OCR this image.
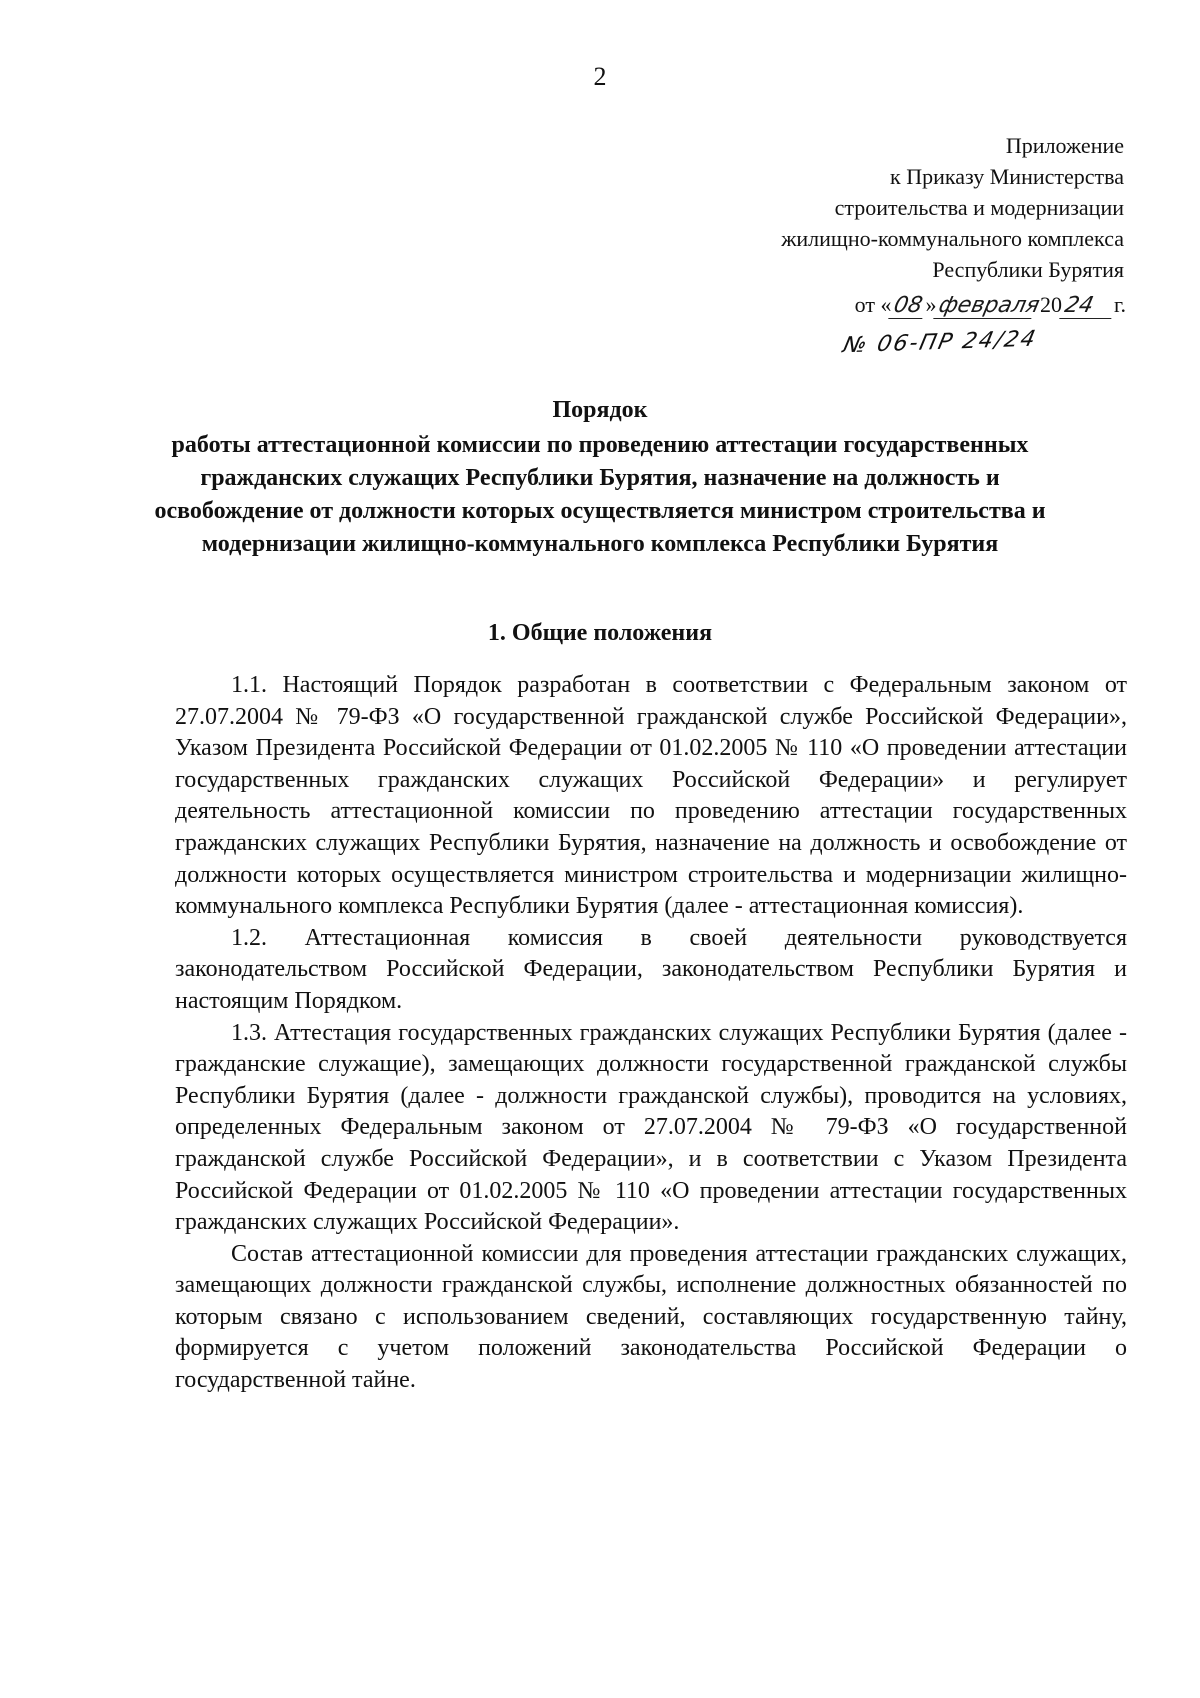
2
Приложение
к Приказу Министерства
строительства и модернизации
жилищно-коммунального комплекса
Республики Бурятия
от «08»февраля 2024 г.
№ 06-ПР 24/24
Порядок
работы аттестационной комиссии по проведению аттестации государственных гражданских служащих Республики Бурятия, назначение на должность и освобождение от должности которых осуществляется министром строительства и модернизации жилищно-коммунального комплекса Республики Бурятия
1. Общие положения

1.1. Настоящий Порядок разработан в соответствии с Федеральным законом от 27.07.2004 № 79-ФЗ «О государственной гражданской службе Российской Федерации», Указом Президента Российской Федерации от 01.02.2005 № 110 «О проведении аттестации государственных гражданских служащих Российской Федерации» и регулирует деятельность аттестационной комиссии по проведению аттестации государственных гражданских служащих Республики Бурятия, назначение на должность и освобождение от должности которых осуществляется министром строительства и модернизации жилищно-коммунального комплекса Республики Бурятия (далее - аттестационная комиссия).

1.2. Аттестационная комиссия в своей деятельности руководствуется законодательством Российской Федерации, законодательством Республики Бурятия и настоящим Порядком.

1.3. Аттестация государственных гражданских служащих Республики Бурятия (далее - гражданские служащие), замещающих должности государственной гражданской службы Республики Бурятия (далее - должности гражданской службы), проводится на условиях, определенных Федеральным законом от 27.07.2004 № 79-ФЗ «О государственной гражданской службе Российской Федерации», и в соответствии с Указом Президента Российской Федерации от 01.02.2005 № 110 «О проведении аттестации государственных гражданских служащих Российской Федерации».

Состав аттестационной комиссии для проведения аттестации гражданских служащих, замещающих должности гражданской службы, исполнение должностных обязанностей по которым связано с использованием сведений, составляющих государственную тайну, формируется с учетом положений законодательства Российской Федерации о государственной тайне.
